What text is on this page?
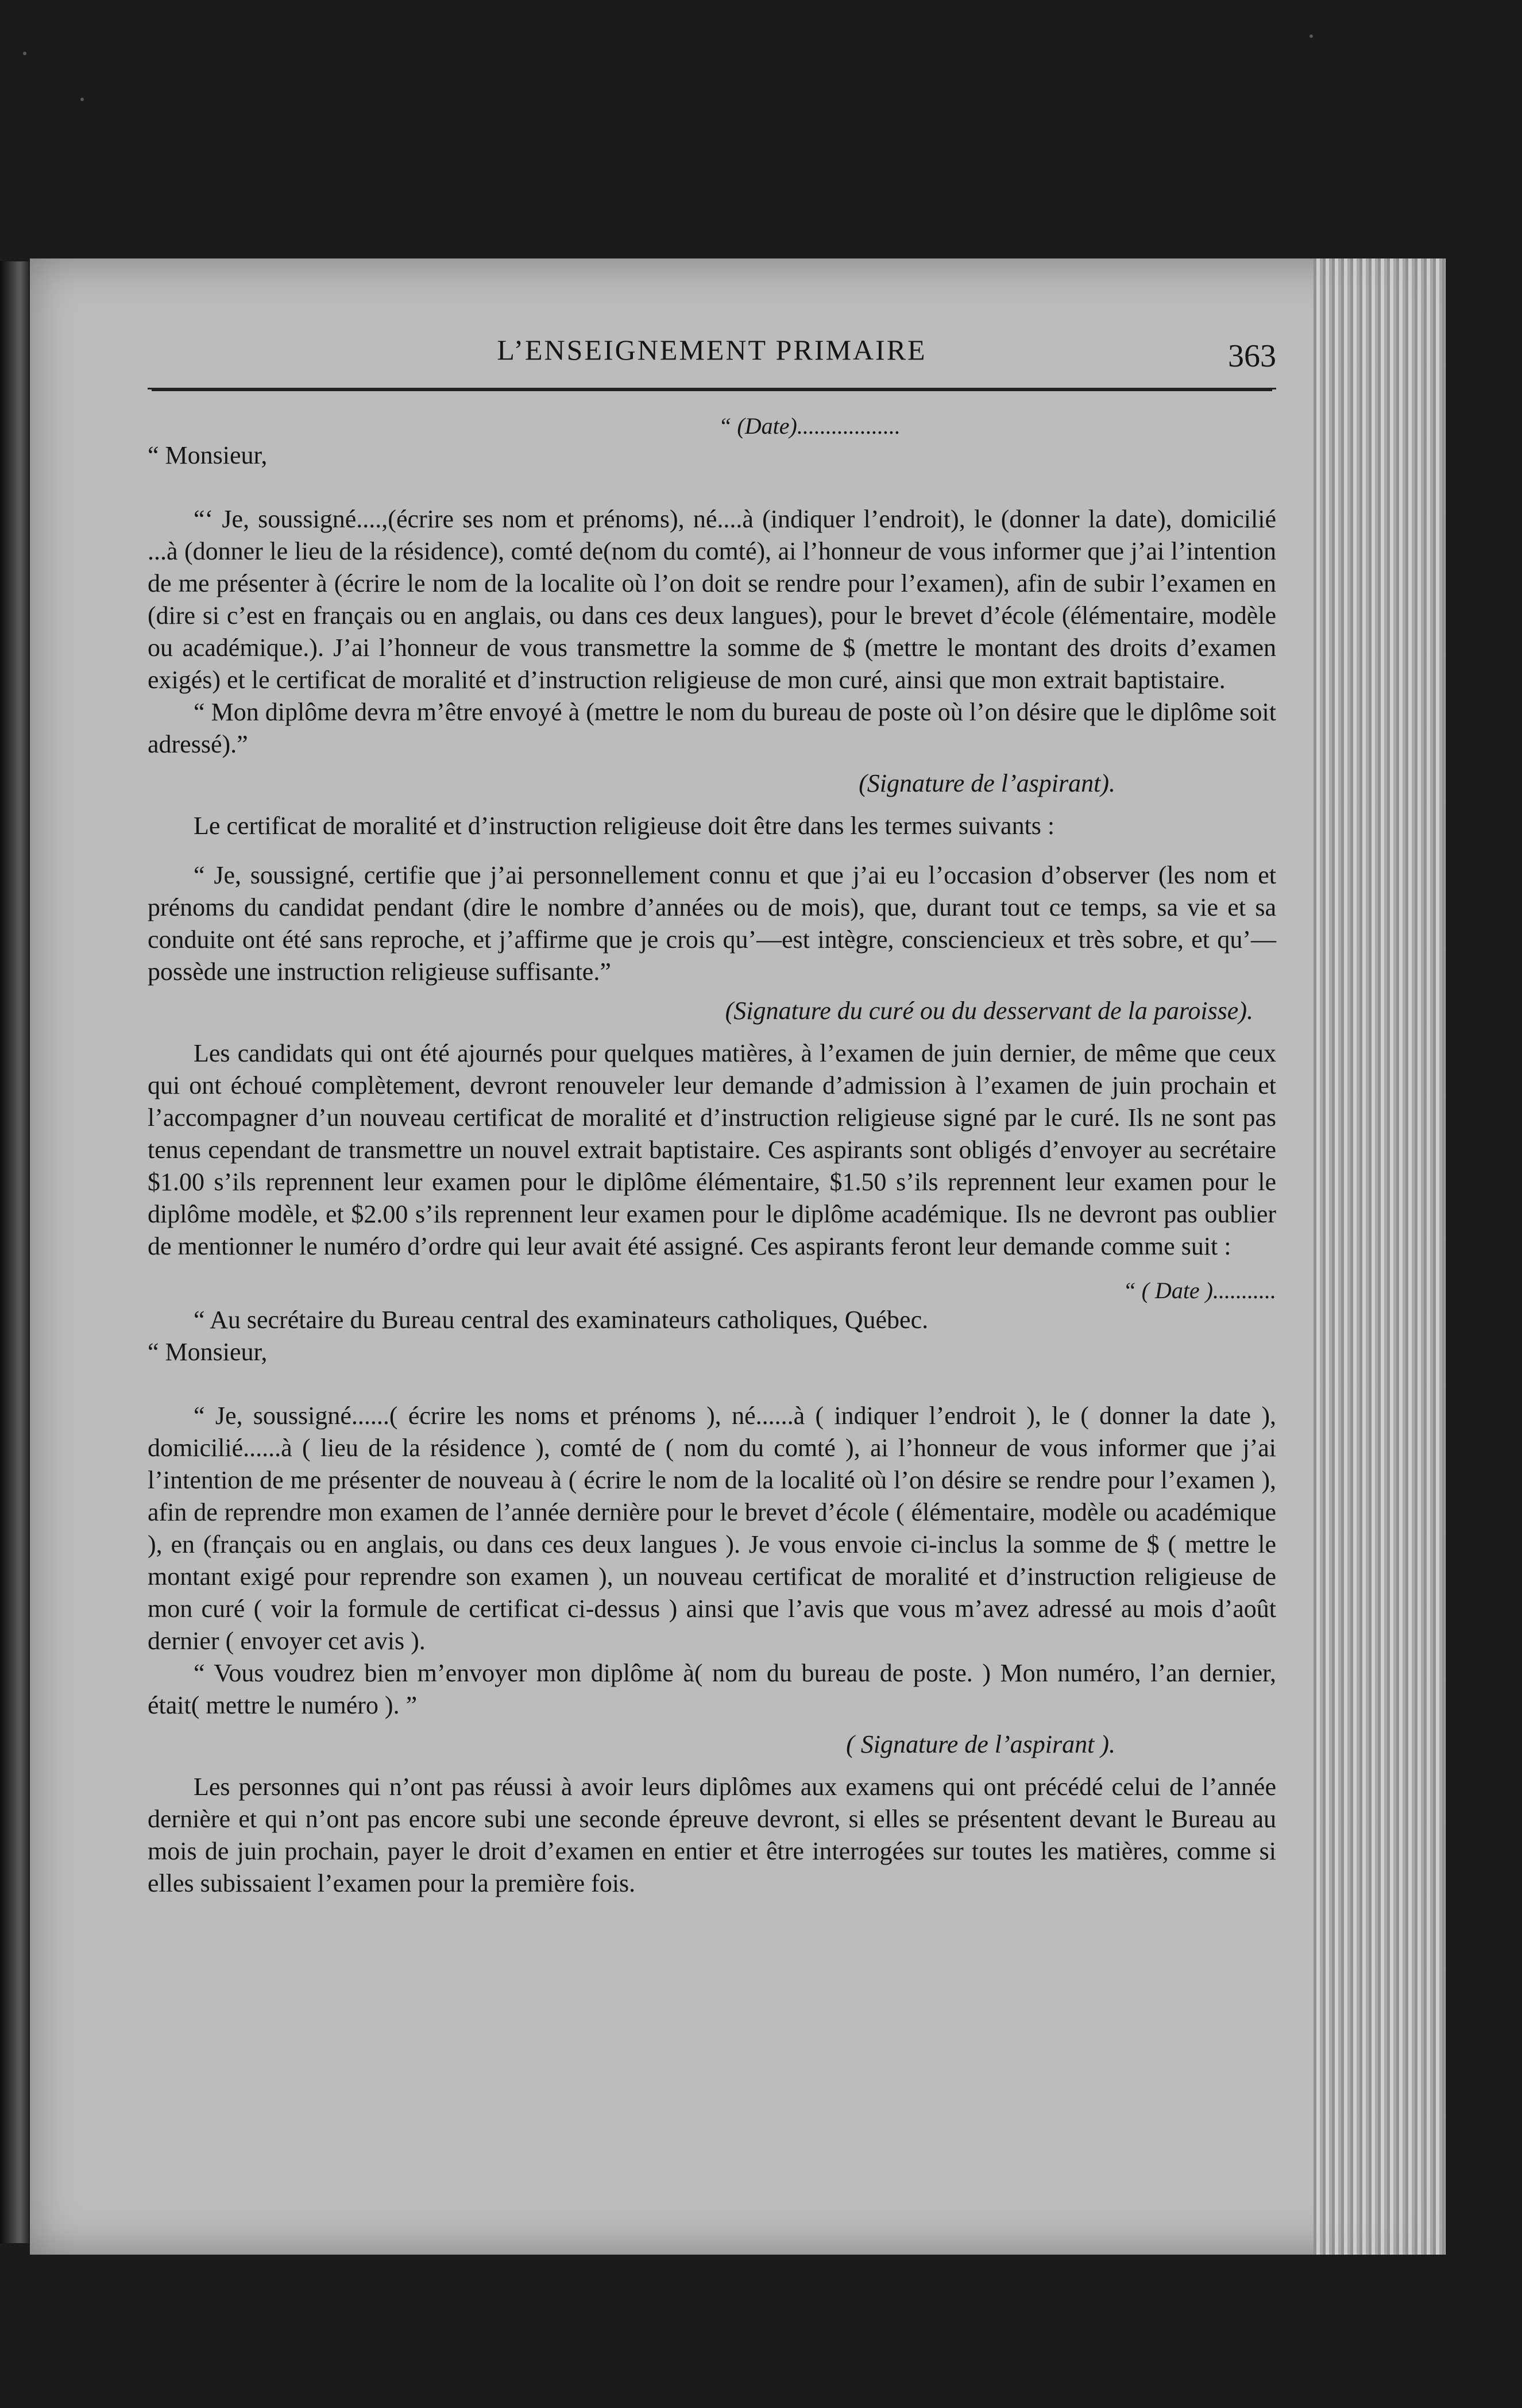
L’ENSEIGNEMENT PRIMAIRE	363
“ (Date)..................
“ Monsieur,

“‘ Je, soussigné....,(écrire ses nom et prénoms), né....à (indiquer l’endroit), le (donner la date), domicilié ...à (donner le lieu de la résidence), comté de(nom du comté), ai l’honneur de vous informer que j’ai l’intention de me présenter à (écrire le nom de la localite où l’on doit se rendre pour l’examen), afin de subir l’examen en (dire si c’est en français ou en anglais, ou dans ces deux langues), pour le brevet d’école (élémentaire, modèle ou académique.). J’ai l’honneur de vous transmettre la somme de $ (mettre le montant des droits d’examen exigés) et le certificat de moralité et d’instruction religieuse de mon curé, ainsi que mon extrait baptistaire.

“ Mon diplôme devra m’être envoyé à (mettre le nom du bureau de poste où l’on désire que le diplôme soit adressé).”

(Signature de l’aspirant).

Le certificat de moralité et d’instruction religieuse doit être dans les termes suivants :

“ Je, soussigné, certifie que j’ai personnellement connu et que j’ai eu l’occasion d’observer (les nom et prénoms du candidat pendant (dire le nombre d’années ou de mois), que, durant tout ce temps, sa vie et sa conduite ont été sans reproche, et j’affirme que je crois qu’—est intègre, consciencieux et très sobre, et qu’—possède une instruction religieuse suffisante.”

(Signature du curé ou du desservant de la paroisse).

Les candidats qui ont été ajournés pour quelques matières, à l’examen de juin dernier, de même que ceux qui ont échoué complètement, devront renouveler leur demande d’admission à l’examen de juin prochain et l’accompagner d’un nouveau certificat de moralité et d’instruction religieuse signé par le curé. Ils ne sont pas tenus cependant de transmettre un nouvel extrait baptistaire. Ces aspirants sont obligés d’envoyer au secrétaire $1.00 s’ils reprennent leur examen pour le diplôme élémentaire, $1.50 s’ils reprennent leur examen pour le diplôme modèle, et $2.00 s’ils reprennent leur examen pour le diplôme académique. Ils ne devront pas oublier de mentionner le numéro d’ordre qui leur avait été assigné. Ces aspirants feront leur demande comme suit :

“ ( Date )...........

“ Au secrétaire du Bureau central des examinateurs catholiques, Québec.

“ Monsieur,

“ Je, soussigné......( écrire les noms et prénoms ), né......à ( indiquer l’endroit ), le ( donner la date ), domicilié......à ( lieu de la résidence ), comté de ( nom du comté ), ai l’honneur de vous informer que j’ai l’intention de me présenter de nouveau à ( écrire le nom de la localité où l’on désire se rendre pour l’examen ), afin de reprendre mon examen de l’année dernière pour le brevet d’école ( élémentaire, modèle ou académique ), en (français ou en anglais, ou dans ces deux langues ). Je vous envoie ci-inclus la somme de $ ( mettre le montant exigé pour reprendre son examen ), un nouveau certificat de moralité et d’instruction religieuse de mon curé ( voir la formule de certificat ci-dessus ) ainsi que l’avis que vous m’avez adressé au mois d’août dernier ( envoyer cet avis ).

“ Vous voudrez bien m’envoyer mon diplôme à( nom du bureau de poste. ) Mon numéro, l’an dernier, était( mettre le numéro ). ”

( Signature de l’aspirant ).

Les personnes qui n’ont pas réussi à avoir leurs diplômes aux examens qui ont précédé celui de l’année dernière et qui n’ont pas encore subi une seconde épreuve devront, si elles se présentent devant le Bureau au mois de juin prochain, payer le droit d’examen en entier et être interrogées sur toutes les matières, comme si elles subissaient l’examen pour la première fois.
